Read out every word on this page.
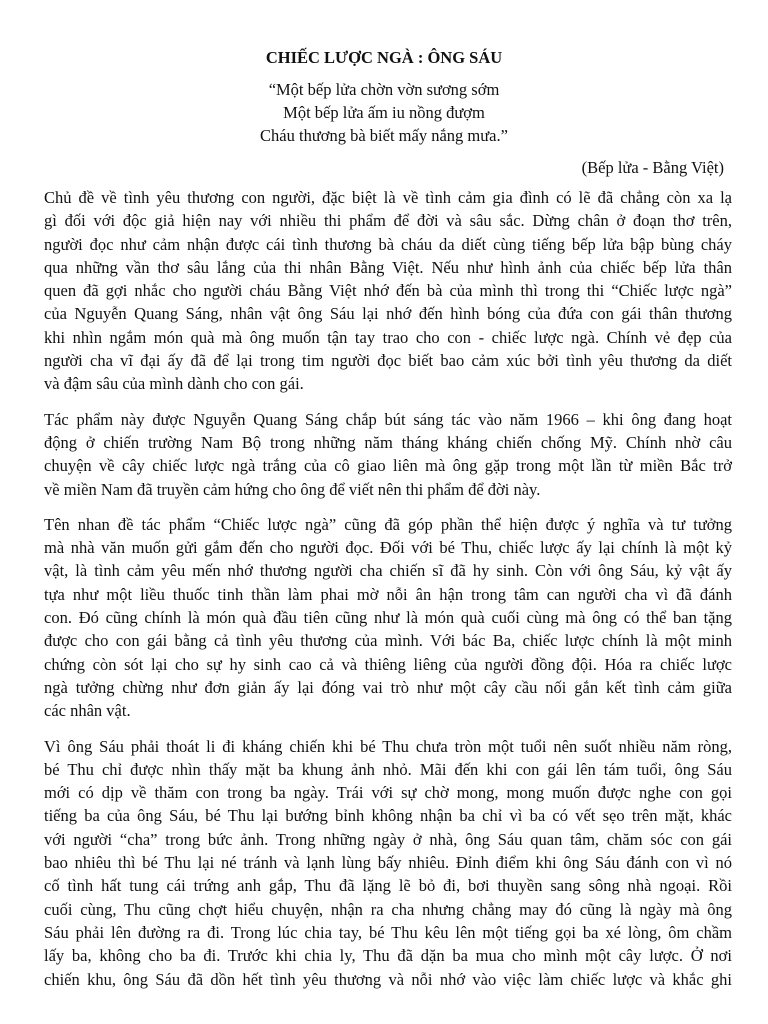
CHIẾC LƯỢC NGÀ : ÔNG SÁU
“Một bếp lửa chờn vờn sương sớm
Một bếp lửa ấm iu nồng đượm
Cháu thương bà biết mấy nắng mưa.”
(Bếp lửa - Bằng Việt)

Chủ đề về tình yêu thương con người, đặc biệt là về tình cảm gia đình có lẽ đã chẳng còn xa lạ
gì đối với độc giả hiện nay với nhiều thi phẩm để đời và sâu sắc. Dừng chân ở đoạn thơ trên,
người đọc như cảm nhận được cái tình thương bà cháu da diết cùng tiếng bếp lửa bập bùng cháy
qua những vần thơ sâu lắng của thi nhân Bằng Việt. Nếu như hình ảnh của chiếc bếp lửa thân
quen đã gợi nhắc cho người cháu Bằng Việt nhớ đến bà của mình thì trong thi “Chiếc lược ngà”
của Nguyễn Quang Sáng, nhân vật ông Sáu lại nhớ đến hình bóng của đứa con gái thân thương
khi nhìn ngắm món quà mà ông muốn tận tay trao cho con - chiếc lược ngà. Chính vẻ đẹp của
người cha vĩ đại ấy đã để lại trong tim người đọc biết bao cảm xúc bởi tình yêu thương da diết
và đậm sâu của mình dành cho con gái.

Tác phẩm này được Nguyễn Quang Sáng chắp bút sáng tác vào năm 1966 – khi ông đang hoạt
động ở chiến trường Nam Bộ trong những năm tháng kháng chiến chống Mỹ. Chính nhờ câu
chuyện về cây chiếc lược ngà trắng của cô giao liên mà ông gặp trong một lần từ miền Bắc trở
về miền Nam đã truyền cảm hứng cho ông để viết nên thi phẩm để đời này.

Tên nhan đề tác phẩm “Chiếc lược ngà” cũng đã góp phần thể hiện được ý nghĩa và tư tưởng
mà nhà văn muốn gửi gắm đến cho người đọc. Đối với bé Thu, chiếc lược ấy lại chính là một kỷ
vật, là tình cảm yêu mến nhớ thương người cha chiến sĩ đã hy sinh. Còn với ông Sáu, kỷ vật ấy
tựa như một liều thuốc tinh thần làm phai mờ nỗi ân hận trong tâm can người cha vì đã đánh
con. Đó cũng chính là món quà đầu tiên cũng như là món quà cuối cùng mà ông có thể ban tặng
được cho con gái bằng cả tình yêu thương của mình. Với bác Ba, chiếc lược chính là một minh
chứng còn sót lại cho sự hy sinh cao cả và thiêng liêng của người đồng đội. Hóa ra chiếc lược
ngà tưởng chừng như đơn giản ấy lại đóng vai trò như một cây cầu nối gắn kết tình cảm giữa
các nhân vật.

Vì ông Sáu phải thoát li đi kháng chiến khi bé Thu chưa tròn một tuổi nên suốt nhiều năm ròng,
bé Thu chỉ được nhìn thấy mặt ba khung ảnh nhỏ. Mãi đến khi con gái lên tám tuổi, ông Sáu
mới có dịp về thăm con trong ba ngày. Trái với sự chờ mong, mong muốn được nghe con gọi
tiếng ba của ông Sáu, bé Thu lại bướng bỉnh không nhận ba chỉ vì ba có vết sẹo trên mặt, khác
với người “cha” trong bức ảnh. Trong những ngày ở nhà, ông Sáu quan tâm, chăm sóc con gái
bao nhiêu thì bé Thu lại né tránh và lạnh lùng bấy nhiêu. Đỉnh điểm khi ông Sáu đánh con vì nó
cố tình hất tung cái trứng anh gắp, Thu đã lặng lẽ bỏ đi, bơi thuyền sang sông nhà ngoại. Rồi
cuối cùng, Thu cũng chợt hiểu chuyện, nhận ra cha nhưng chẳng may đó cũng là ngày mà ông
Sáu phải lên đường ra đi. Trong lúc chia tay, bé Thu kêu lên một tiếng gọi ba xé lòng, ôm chầm
lấy ba, không cho ba đi. Trước khi chia ly, Thu đã dặn ba mua cho mình một cây lược. Ở nơi
chiến khu, ông Sáu đã dồn hết tình yêu thương và nỗi nhớ vào việc làm chiếc lược và khắc ghi
